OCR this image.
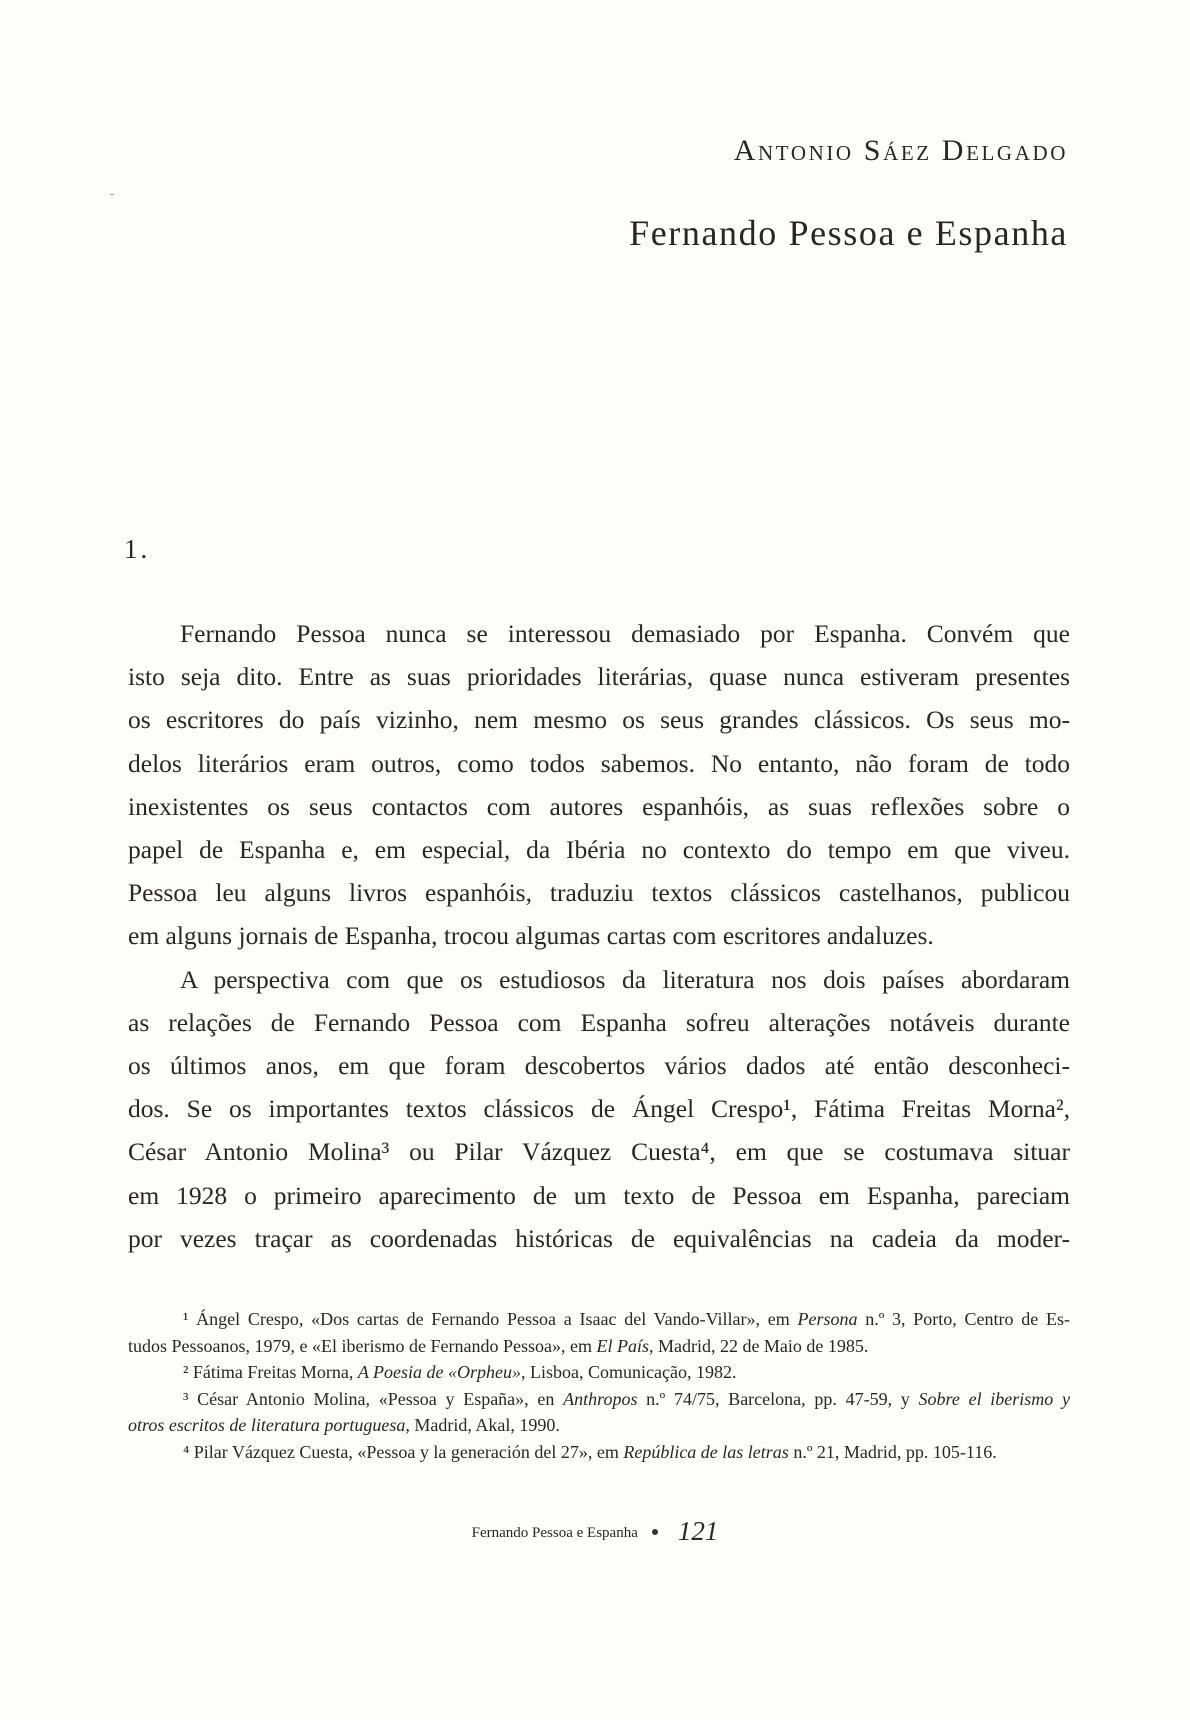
Antonio Sáez Delgado
Fernando Pessoa e Espanha
1.
Fernando Pessoa nunca se interessou demasiado por Espanha. Convém que
isto seja dito. Entre as suas prioridades literárias, quase nunca estiveram presentes
os escritores do país vizinho, nem mesmo os seus grandes clássicos. Os seus mo-
delos literários eram outros, como todos sabemos. No entanto, não foram de todo
inexistentes os seus contactos com autores espanhóis, as suas reflexões sobre o
papel de Espanha e, em especial, da Ibéria no contexto do tempo em que viveu.
Pessoa leu alguns livros espanhóis, traduziu textos clássicos castelhanos, publicou
em alguns jornais de Espanha, trocou algumas cartas com escritores andaluzes.
A perspectiva com que os estudiosos da literatura nos dois países abordaram
as relações de Fernando Pessoa com Espanha sofreu alterações notáveis durante
os últimos anos, em que foram descobertos vários dados até então desconheci-
dos. Se os importantes textos clássicos de Ángel Crespo¹, Fátima Freitas Morna²,
César Antonio Molina³ ou Pilar Vázquez Cuesta⁴, em que se costumava situar
em 1928 o primeiro aparecimento de um texto de Pessoa em Espanha, pareciam
por vezes traçar as coordenadas históricas de equivalências na cadeia da moder-
¹ Ángel Crespo, «Dos cartas de Fernando Pessoa a Isaac del Vando-Villar», em Persona n.º 3, Porto, Centro de Es-
tudos Pessoanos, 1979, e «El iberismo de Fernando Pessoa», em El País, Madrid, 22 de Maio de 1985.
² Fátima Freitas Morna, A Poesia de «Orpheu», Lisboa, Comunicação, 1982.
³ César Antonio Molina, «Pessoa y España», en Anthropos n.º 74/75, Barcelona, pp. 47-59, y Sobre el iberismo y
otros escritos de literatura portuguesa, Madrid, Akal, 1990.
⁴ Pilar Vázquez Cuesta, «Pessoa y la generación del 27», em República de las letras n.º 21, Madrid, pp. 105-116.
Fernando Pessoa e Espanha 121
